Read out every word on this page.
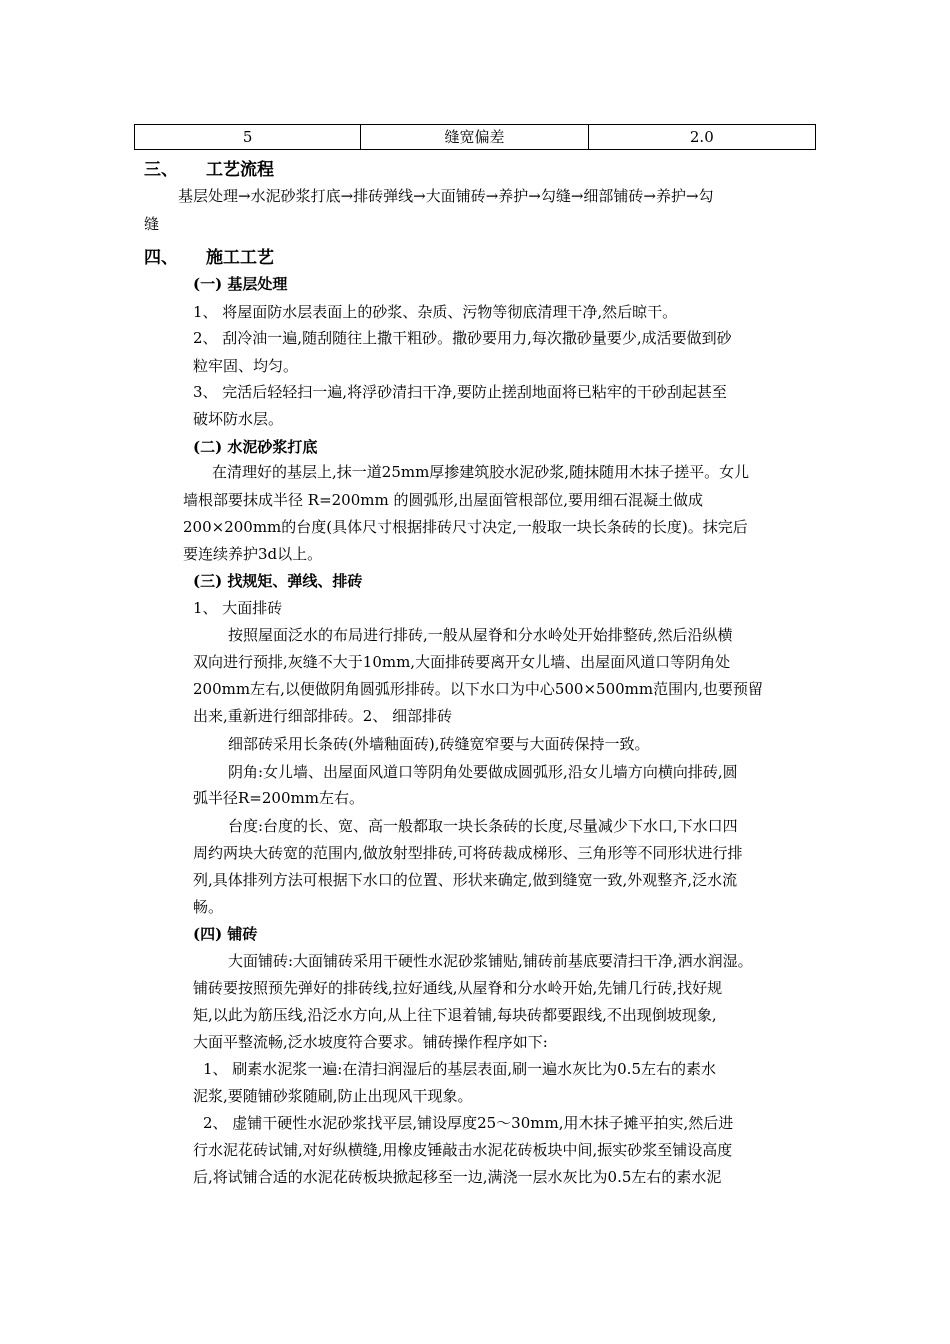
5	缝宽偏差	2.0
三、 工艺流程
基层处理→水泥砂浆打底→排砖弹线→大面铺砖→养护→勾缝→细部铺砖→养护→勾
缝
四、 施工工艺
(一) 基层处理
1、 将屋面防水层表面上的砂浆、杂质、污物等彻底清理干净,然后晾干。
2、 刮冷油一遍,随刮随往上撒干粗砂。撒砂要用力,每次撒砂量要少,成活要做到砂
粒牢固、均匀。
3、 完活后轻轻扫一遍,将浮砂清扫干净,要防止搓刮地面将已粘牢的干砂刮起甚至
破坏防水层。
(二) 水泥砂浆打底
在清理好的基层上,抹一道25mm厚掺建筑胶水泥砂浆,随抹随用木抹子搓平。女儿
墙根部要抹成半径 R=200mm 的圆弧形,出屋面管根部位,要用细石混凝土做成
200×200mm的台度(具体尺寸根据排砖尺寸决定,一般取一块长条砖的长度)。抹完后
要连续养护3d以上。
(三) 找规矩、弹线、排砖
1、 大面排砖
按照屋面泛水的布局进行排砖,一般从屋脊和分水岭处开始排整砖,然后沿纵横
双向进行预排,灰缝不大于10mm,大面排砖要离开女儿墙、出屋面风道口等阴角处
200mm左右,以便做阴角圆弧形排砖。以下水口为中心500×500mm范围内,也要预留
出来,重新进行细部排砖。2、 细部排砖
细部砖采用长条砖(外墙釉面砖),砖缝宽窄要与大面砖保持一致。
阴角:女儿墙、出屋面风道口等阴角处要做成圆弧形,沿女儿墙方向横向排砖,圆
弧半径R=200mm左右。
台度:台度的长、宽、高一般都取一块长条砖的长度,尽量减少下水口,下水口四
周约两块大砖宽的范围内,做放射型排砖,可将砖裁成梯形、三角形等不同形状进行排
列,具体排列方法可根据下水口的位置、形状来确定,做到缝宽一致,外观整齐,泛水流
畅。
(四) 铺砖
大面铺砖:大面铺砖采用干硬性水泥砂浆铺贴,铺砖前基底要清扫干净,洒水润湿。
铺砖要按照预先弹好的排砖线,拉好通线,从屋脊和分水岭开始,先铺几行砖,找好规
矩,以此为筋压线,沿泛水方向,从上往下退着铺,每块砖都要跟线,不出现倒坡现象,
大面平整流畅,泛水坡度符合要求。铺砖操作程序如下:
1、 刷素水泥浆一遍:在清扫润湿后的基层表面,刷一遍水灰比为0.5左右的素水
泥浆,要随铺砂浆随刷,防止出现风干现象。
2、 虚铺干硬性水泥砂浆找平层,铺设厚度25～30mm,用木抹子摊平拍实,然后进
行水泥花砖试铺,对好纵横缝,用橡皮锤敲击水泥花砖板块中间,振实砂浆至铺设高度
后,将试铺合适的水泥花砖板块掀起移至一边,满浇一层水灰比为0.5左右的素水泥
